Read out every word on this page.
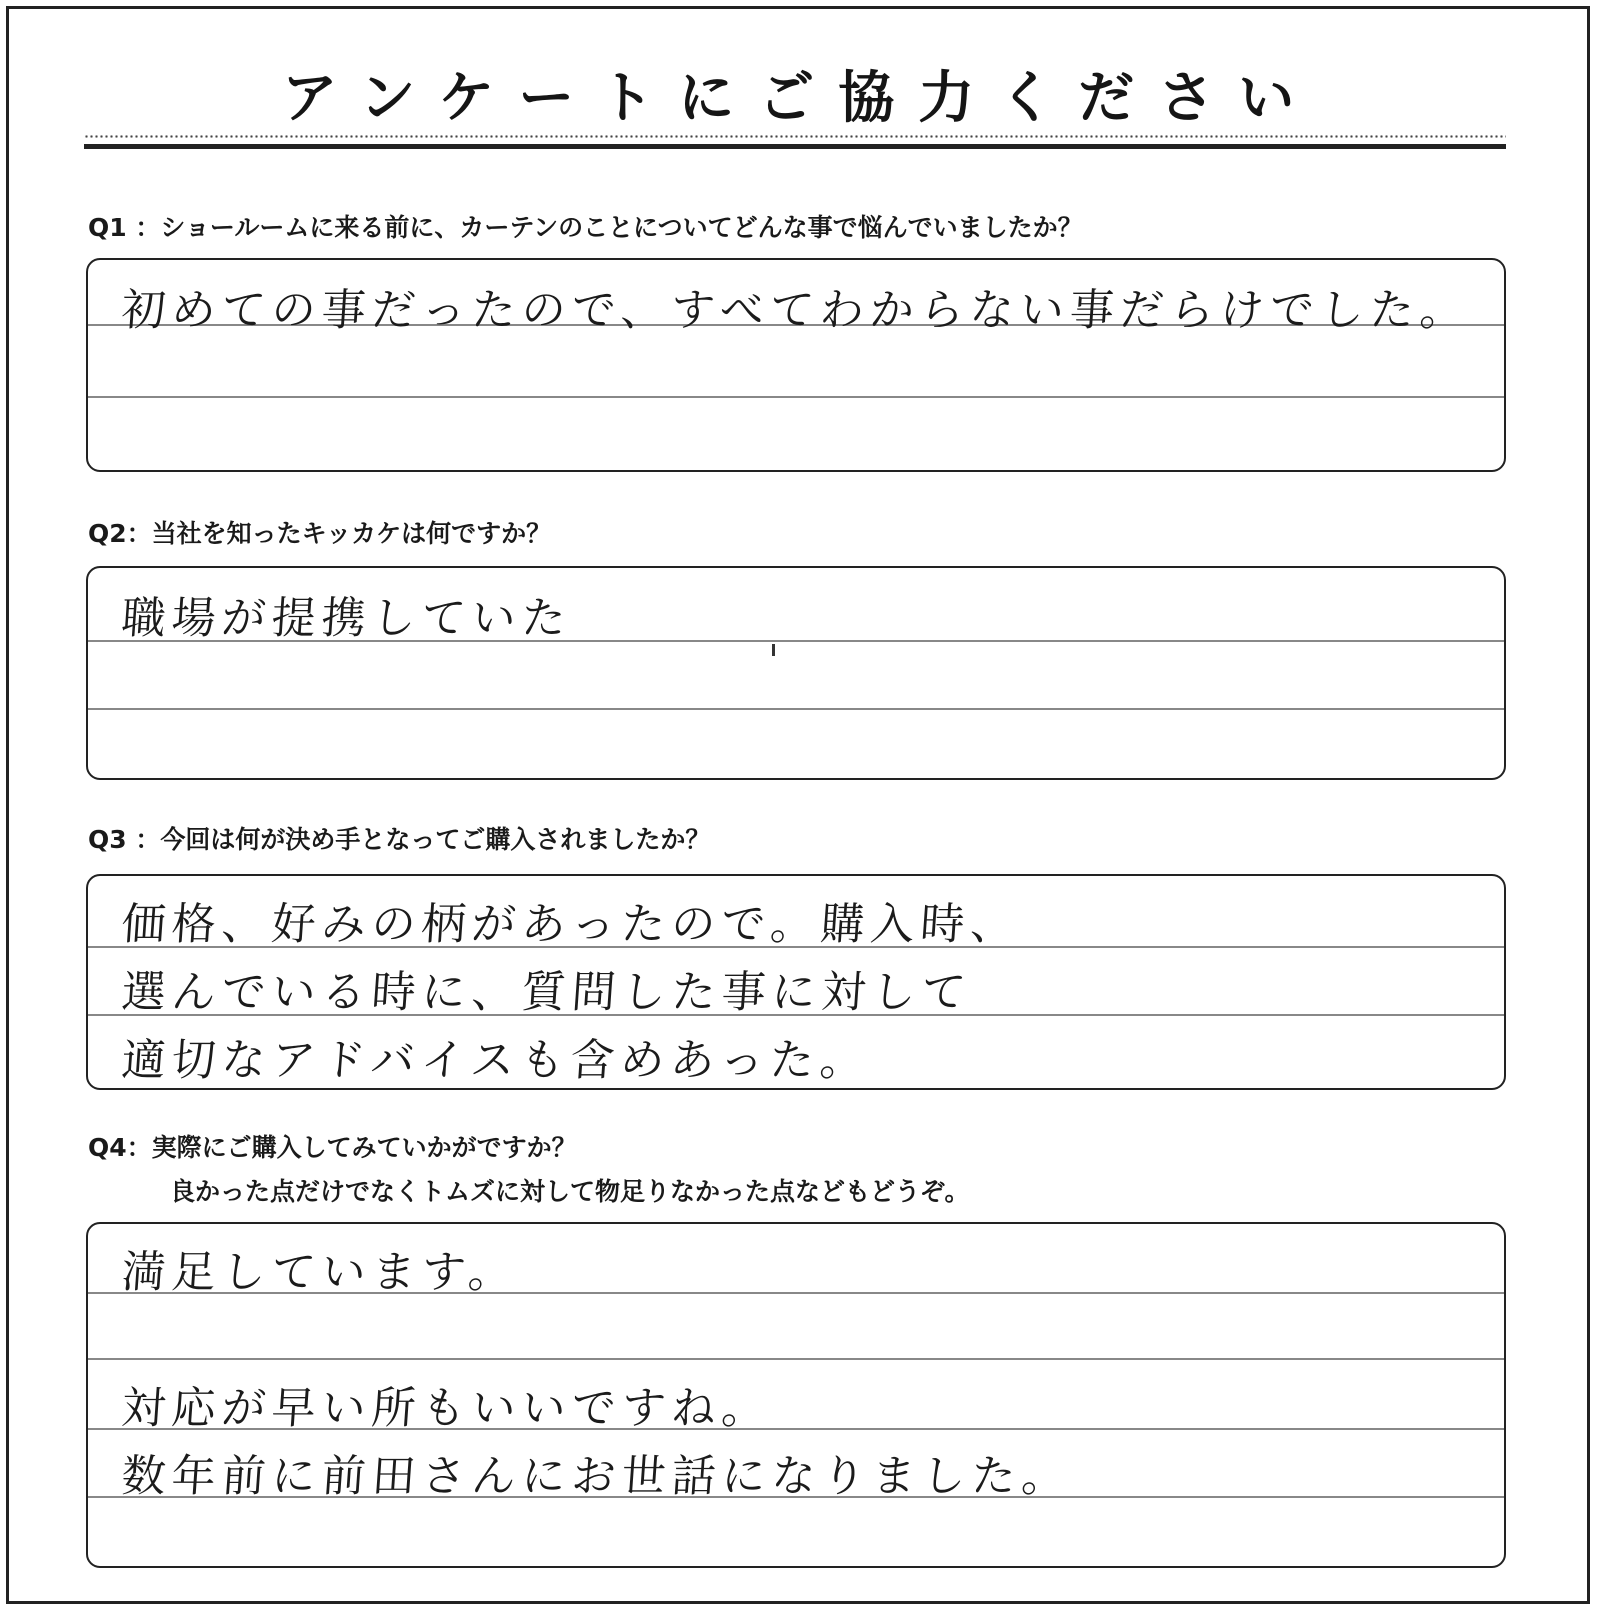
アンケートにご協力ください
Q1 ：ショールームに来る前に、カーテンのことについてどんな事で悩んでいましたか？
初めての事だったので、すべてわからない事だらけでした。
Q2：当社を知ったキッカケは何ですか？
職場が提携していた
Q3 ：今回は何が決め手となってご購入されましたか？
価格、好みの柄があったので。購入時、
選んでいる時に、質問した事に対して
適切なアドバイスも含めあった。
Q4：実際にご購入してみていかがですか？
良かった点だけでなくトムズに対して物足りなかった点などもどうぞ。
満足しています。
対応が早い所もいいですね。
数年前に前田さんにお世話になりました。
